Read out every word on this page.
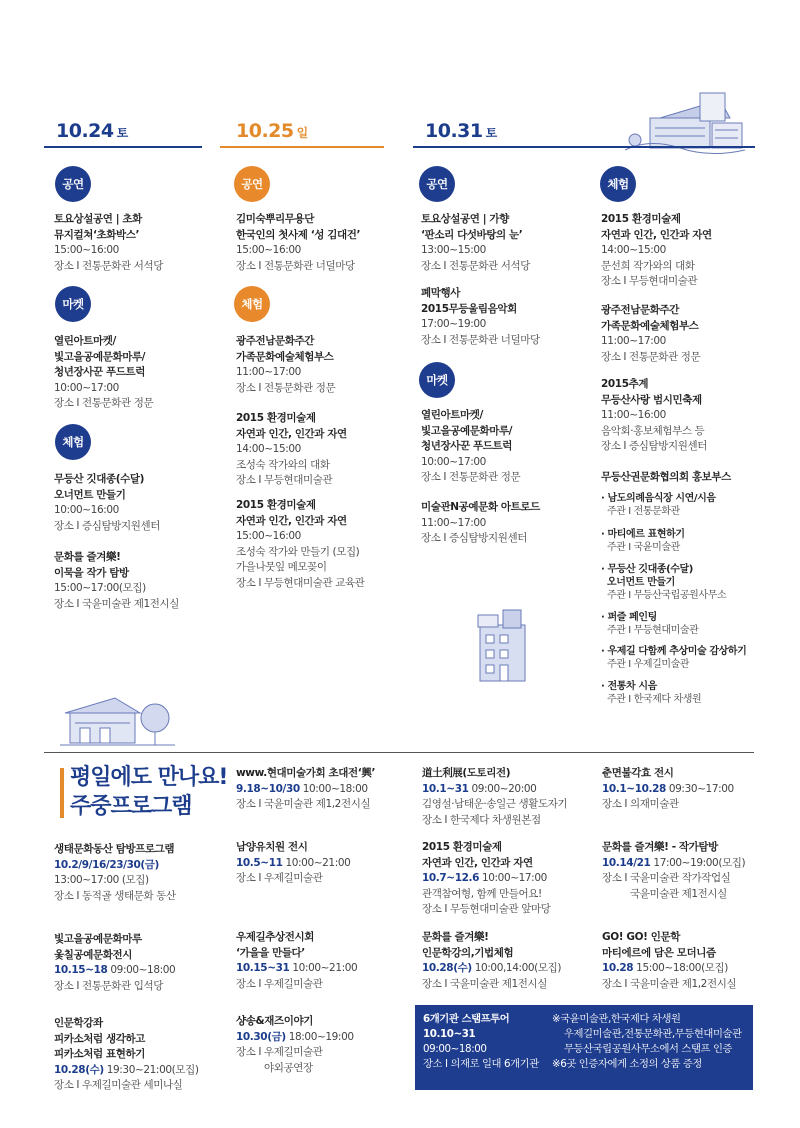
10.24 토	10.25 일	10.31 토
공연
토요상설공연 | 초화
뮤지컬쳐‘초화박스’
15:00~16:00
장소 I 전통문화관 서석당
마켓
열린아트마켓/
빛고을공예문화마루/
청년장사꾼 푸드트럭
10:00~17:00
장소 I 전통문화관 정문
체험
무등산 깃대종(수달)
오너먼트 만들기
10:00~16:00
장소 I 증심탐방지원센터
문화를 즐겨樂!
이묵을 작가 탐방
15:00~17:00(모집)
장소 I 국윤미술관 제1전시실
공연
김미숙뿌리무용단
한국인의 첫사제 ‘성 김대건’
15:00~16:00
장소 I 전통문화관 너덜마당
체험
광주전남문화주간
가족문화예술체험부스
11:00~17:00
장소 I 전통문화관 정문
2015 환경미술제
자연과 인간, 인간과 자연
14:00~15:00
조성숙 작가와의 대화
장소 I 무등현대미술관
2015 환경미술제
자연과 인간, 인간과 자연
15:00~16:00
조성숙 작가와 만들기 (모집)
가을나뭇잎 메모꽂이
장소 I 무등현대미술관 교육관
공연
토요상설공연 | 가향
‘판소리 다섯바탕의 눈’
13:00~15:00
장소 I 전통문화관 서석당
폐막행사
2015무등울림음악회
17:00~19:00
장소 I 전통문화관 너덜마당
마켓
열린아트마켓/
빛고을공예문화마루/
청년장사꾼 푸드트럭
10:00~17:00
장소 I 전통문화관 정문
미술관N공예문화 아트로드
11:00~17:00
장소 I 증심탐방지원센터
체험
2015 환경미술제
자연과 인간, 인간과 자연
14:00~15:00
문선희 작가와의 대화
장소 I 무등현대미술관
광주전남문화주간
가족문화예술체험부스
11:00~17:00
장소 I 전통문화관 정문
2015추계
무등산사랑 범시민축제
11:00~16:00
음악회·홍보체험부스 등
장소 I 증심탐방지원센터
무등산권문화협의회 홍보부스
· 남도의례음식장 시연/시음
주관 I 전통문화관
· 마티에르 표현하기
주관 I 국윤미술관
· 무등산 깃대종(수달)
오너먼트 만들기
주관 I 무등산국립공원사무소
· 퍼즐 페인팅
주관 I 무등현대미술관
· 우제길 다함께 추상미술 감상하기
주관 I 우제길미술관
· 전통차 시음
주관 I 한국제다 차생원
평일에도 만나요!
주중프로그램
생태문화동산 탐방프로그램
10.2/9/16/23/30(금)
13:00~17:00 (모집)
장소 I 동적골 생태문화 동산
빛고을공예문화마루
옻칠공예문화전시
10.15~18 09:00~18:00
장소 I 전통문화관 입석당
인문학강좌
피카소처럼 생각하고
피카소처럼 표현하기
10.28(수) 19:30~21:00(모집)
장소 I 우제길미술관 세미나실
www.현대미술가회 초대전‘興’
9.18~10/30 10:00~18:00
장소 I 국윤미술관 제1,2전시실
남양유치원 전시
10.5~11 10:00~21:00
장소 I 우제길미술관
우제길추상전시회
‘가을을 만들다’
10.15~31 10:00~21:00
장소 I 우제길미술관
샹송&재즈이야기
10.30(금) 18:00~19:00
장소 I 우제길미술관
야외공연장
道土利展(도토리전)
10.1~31 09:00~20:00
김영설·남태운·송일근 생활도자기
장소 I 한국제다 차생원본점
2015 환경미술제
자연과 인간, 인간과 자연
10.7~12.6 10:00~17:00
관객참여형, 함께 만들어요!
장소 I 무등현대미술관 앞마당
문화를 즐겨樂!
인문학강의,기법체험
10.28(수) 10:00,14:00(모집)
장소 I 국윤미술관 제1전시실
춘면불각효 전시
10.1~10.28 09:30~17:00
장소 I 의재미술관
문화를 즐겨樂! - 작가탐방
10.14/21 17:00~19:00(모집)
장소 I 국윤미술관 작가작업실
국윤미술관 제1전시실
GO! GO! 인문학
마티에르에 담은 모더니즘
10.28 15:00~18:00(모집)
장소 I 국윤미술관 제1,2전시실
6개기관 스탬프투어
10.10~31
09:00~18:00
장소 I 의재로 일대 6개기관
※국윤미술관,한국제다 차생원
우제길미술관,전통문화관,무등현대미술관
무등산국립공원사무소에서 스탬프 인증
※6곳 인증자에게 소정의 상품 증정
